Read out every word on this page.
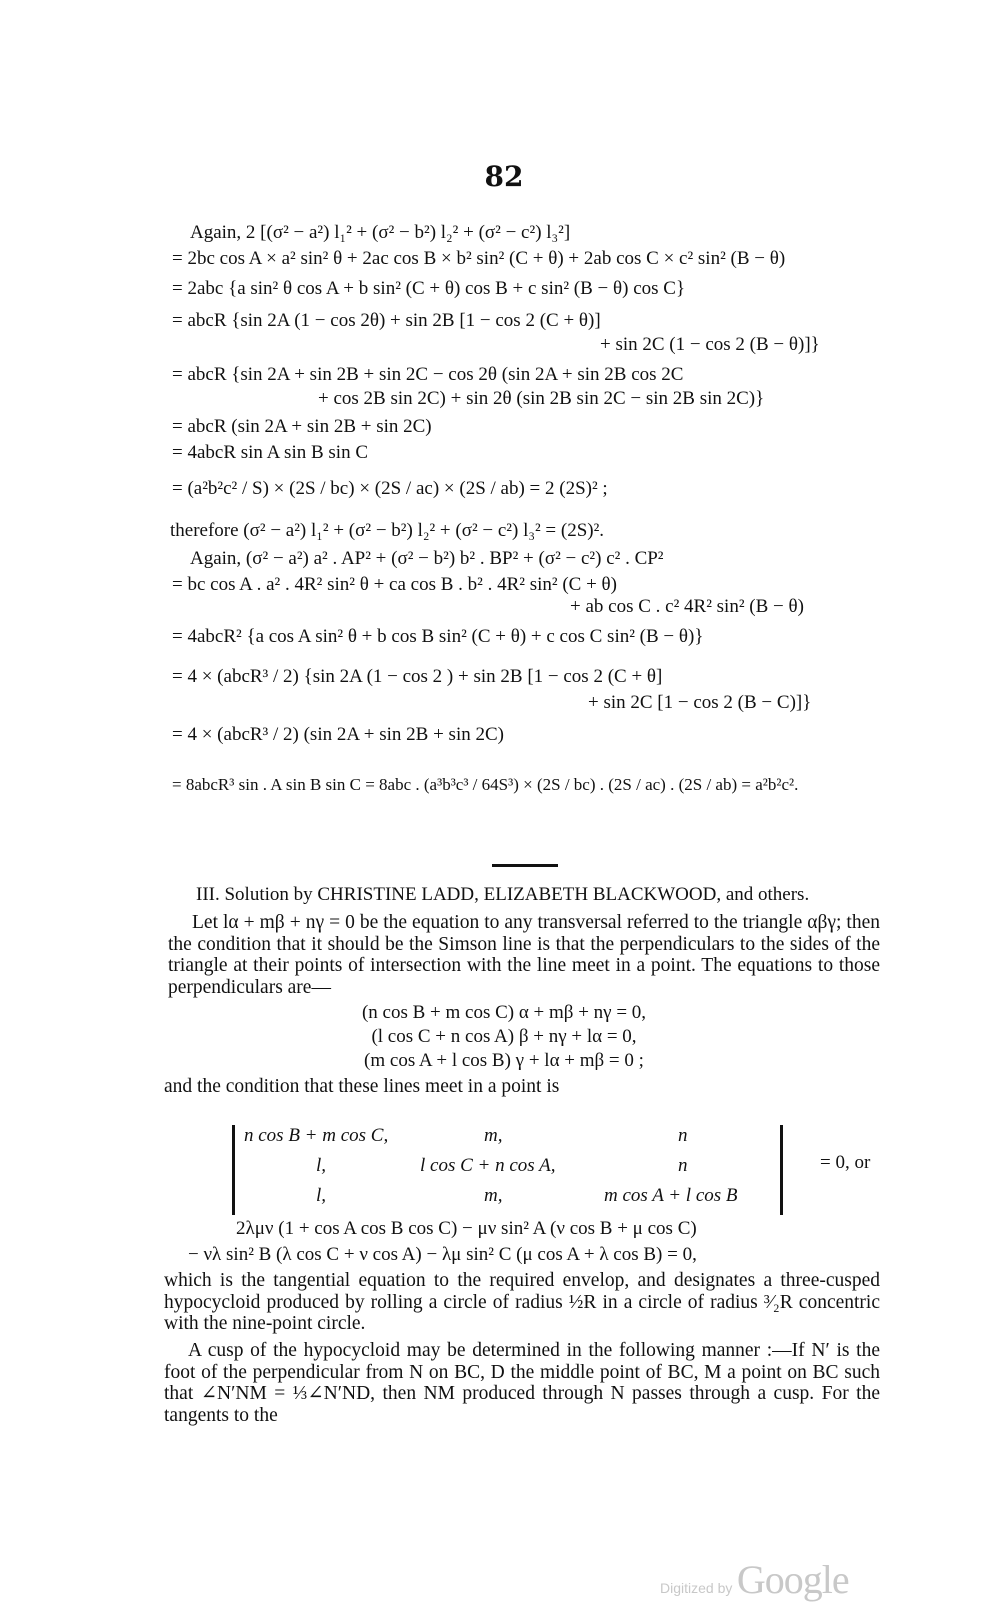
82
Again, 2 [(σ² − a²) l₁² + (σ² − b²) l₂² + (σ² − c²) l₃²]
= 2bc cos A × a² sin² θ + 2ac cos B × b² sin² (C + θ) + 2ab cos C × c² sin² (B − θ)
= 2abc {a sin² θ cos A + b sin² (C + θ) cos B + c sin² (B − θ) cos C}
= abcR {sin 2A (1 − cos 2θ) + sin 2B [1 − cos 2 (C + θ)]
+ sin 2C (1 − cos 2 (B − θ)]}
= abcR {sin 2A + sin 2B + sin 2C − cos 2θ (sin 2A + sin 2B cos 2C
+ cos 2B sin 2C) + sin 2θ (sin 2B sin 2C − sin 2B sin 2C)}
= abcR (sin 2A + sin 2B + sin 2C)
= 4abcR sin A sin B sin C
= (a²b²c² / S) × (2S / bc) × (2S / ac) × (2S / ab) = 2 (2S)² ;
therefore (σ² − a²) l₁² + (σ² − b²) l₂² + (σ² − c²) l₃² = (2S)².
Again, (σ² − a²) a² . AP² + (σ² − b²) b² . BP² + (σ² − c²) c² . CP²
= bc cos A . a² . 4R² sin² θ + ca cos B . b² . 4R² sin² (C + θ)
+ ab cos C . c² 4R² sin² (B − θ)
= 4abcR² {a cos A sin² θ + b cos B sin² (C + θ) + c cos C sin² (B − θ)}
= 4 × (abcR³ / 2) {sin 2A (1 − cos 2 ) + sin 2B [1 − cos 2 (C + θ]
+ sin 2C [1 − cos 2 (B − C)]}
= 4 × (abcR³ / 2) (sin 2A + sin 2B + sin 2C)
= 8abcR³ sin . A sin B sin C = 8abc . (a³b³c³ / 64S³) × (2S / bc) . (2S / ac) . (2S / ab) = a²b²c².
III. Solution by CHRISTINE LADD, ELIZABETH BLACKWOOD, and others.
Let lα + mβ + nγ = 0 be the equation to any transversal referred to the triangle αβγ; then the condition that it should be the Simson line is that the perpendiculars to the sides of the triangle at their points of intersection with the line meet in a point. The equations to those perpendiculars are—
(n cos B + m cos C) α + mβ + nγ = 0,
(l cos C + n cos A) β + nγ + lα = 0,
(m cos A + l cos B) γ + lα + mβ = 0 ;
and the condition that these lines meet in a point is
n cos B + m cos C,	m,	n
l,	l cos C + n cos A,	n
l,	m,	m cos A + l cos B
= 0, or
2λμν (1 + cos A cos B cos C) − μν sin² A (ν cos B + μ cos C)
− νλ sin² B (λ cos C + ν cos A) − λμ sin² C (μ cos A + λ cos B) = 0,
which is the tangential equation to the required envelop, and designates a three-cusped hypocycloid produced by rolling a circle of radius ½R in a circle of radius ³⁄₂R concentric with the nine-point circle.
A cusp of the hypocycloid may be determined in the following manner :—If N′ is the foot of the perpendicular from N on BC, D the middle point of BC, M a point on BC such that ∠N′NM = ⅓∠N′ND, then NM produced through N passes through a cusp. For the tangents to the
Digitized by Google
